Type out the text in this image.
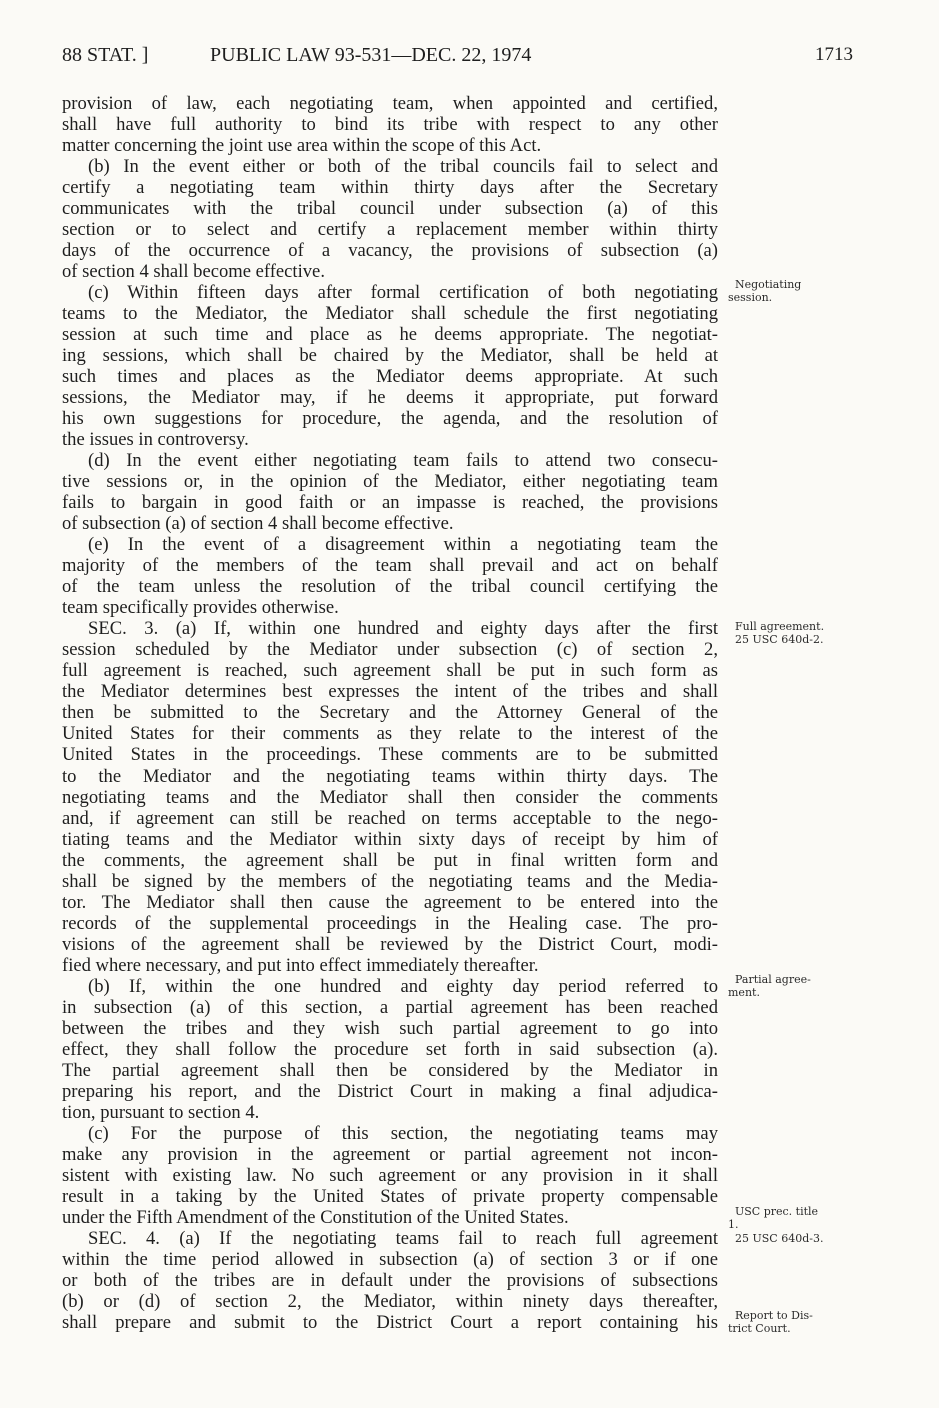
88 STAT. ]	PUBLIC LAW 93-531—DEC. 22, 1974	1713
provision of law, each negotiating team, when appointed and certified,
shall have full authority to bind its tribe with respect to any other
matter concerning the joint use area within the scope of this Act.
(b) In the event either or both of the tribal councils fail to select and
certify a negotiating team within thirty days after the Secretary
communicates with the tribal council under subsection (a) of this
section or to select and certify a replacement member within thirty
days of the occurrence of a vacancy, the provisions of subsection (a)
of section 4 shall become effective.
(c) Within fifteen days after formal certification of both negotiating
teams to the Mediator, the Mediator shall schedule the first negotiating
session at such time and place as he deems appropriate. The negotiat-
ing sessions, which shall be chaired by the Mediator, shall be held at
such times and places as the Mediator deems appropriate. At such
sessions, the Mediator may, if he deems it appropriate, put forward
his own suggestions for procedure, the agenda, and the resolution of
the issues in controversy.
(d) In the event either negotiating team fails to attend two consecu-
tive sessions or, in the opinion of the Mediator, either negotiating team
fails to bargain in good faith or an impasse is reached, the provisions
of subsection (a) of section 4 shall become effective.
(e) In the event of a disagreement within a negotiating team the
majority of the members of the team shall prevail and act on behalf
of the team unless the resolution of the tribal council certifying the
team specifically provides otherwise.
SEC. 3. (a) If, within one hundred and eighty days after the first
session scheduled by the Mediator under subsection (c) of section 2,
full agreement is reached, such agreement shall be put in such form as
the Mediator determines best expresses the intent of the tribes and shall
then be submitted to the Secretary and the Attorney General of the
United States for their comments as they relate to the interest of the
United States in the proceedings. These comments are to be submitted
to the Mediator and the negotiating teams within thirty days. The
negotiating teams and the Mediator shall then consider the comments
and, if agreement can still be reached on terms acceptable to the nego-
tiating teams and the Mediator within sixty days of receipt by him of
the comments, the agreement shall be put in final written form and
shall be signed by the members of the negotiating teams and the Media-
tor. The Mediator shall then cause the agreement to be entered into the
records of the supplemental proceedings in the Healing case. The pro-
visions of the agreement shall be reviewed by the District Court, modi-
fied where necessary, and put into effect immediately thereafter.
(b) If, within the one hundred and eighty day period referred to
in subsection (a) of this section, a partial agreement has been reached
between the tribes and they wish such partial agreement to go into
effect, they shall follow the procedure set forth in said subsection (a).
The partial agreement shall then be considered by the Mediator in
preparing his report, and the District Court in making a final adjudica-
tion, pursuant to section 4.
(c) For the purpose of this section, the negotiating teams may
make any provision in the agreement or partial agreement not incon-
sistent with existing law. No such agreement or any provision in it shall
result in a taking by the United States of private property compensable
under the Fifth Amendment of the Constitution of the United States.
SEC. 4. (a) If the negotiating teams fail to reach full agreement
within the time period allowed in subsection (a) of section 3 or if one
or both of the tribes are in default under the provisions of subsections
(b) or (d) of section 2, the Mediator, within ninety days thereafter,
shall prepare and submit to the District Court a report containing his
Negotiating
session.
Full agreement.
25 USC 640d-2.
Partial agree-
ment.
USC prec. title
1.
25 USC 640d-3.
Report to Dis-
trict Court.
